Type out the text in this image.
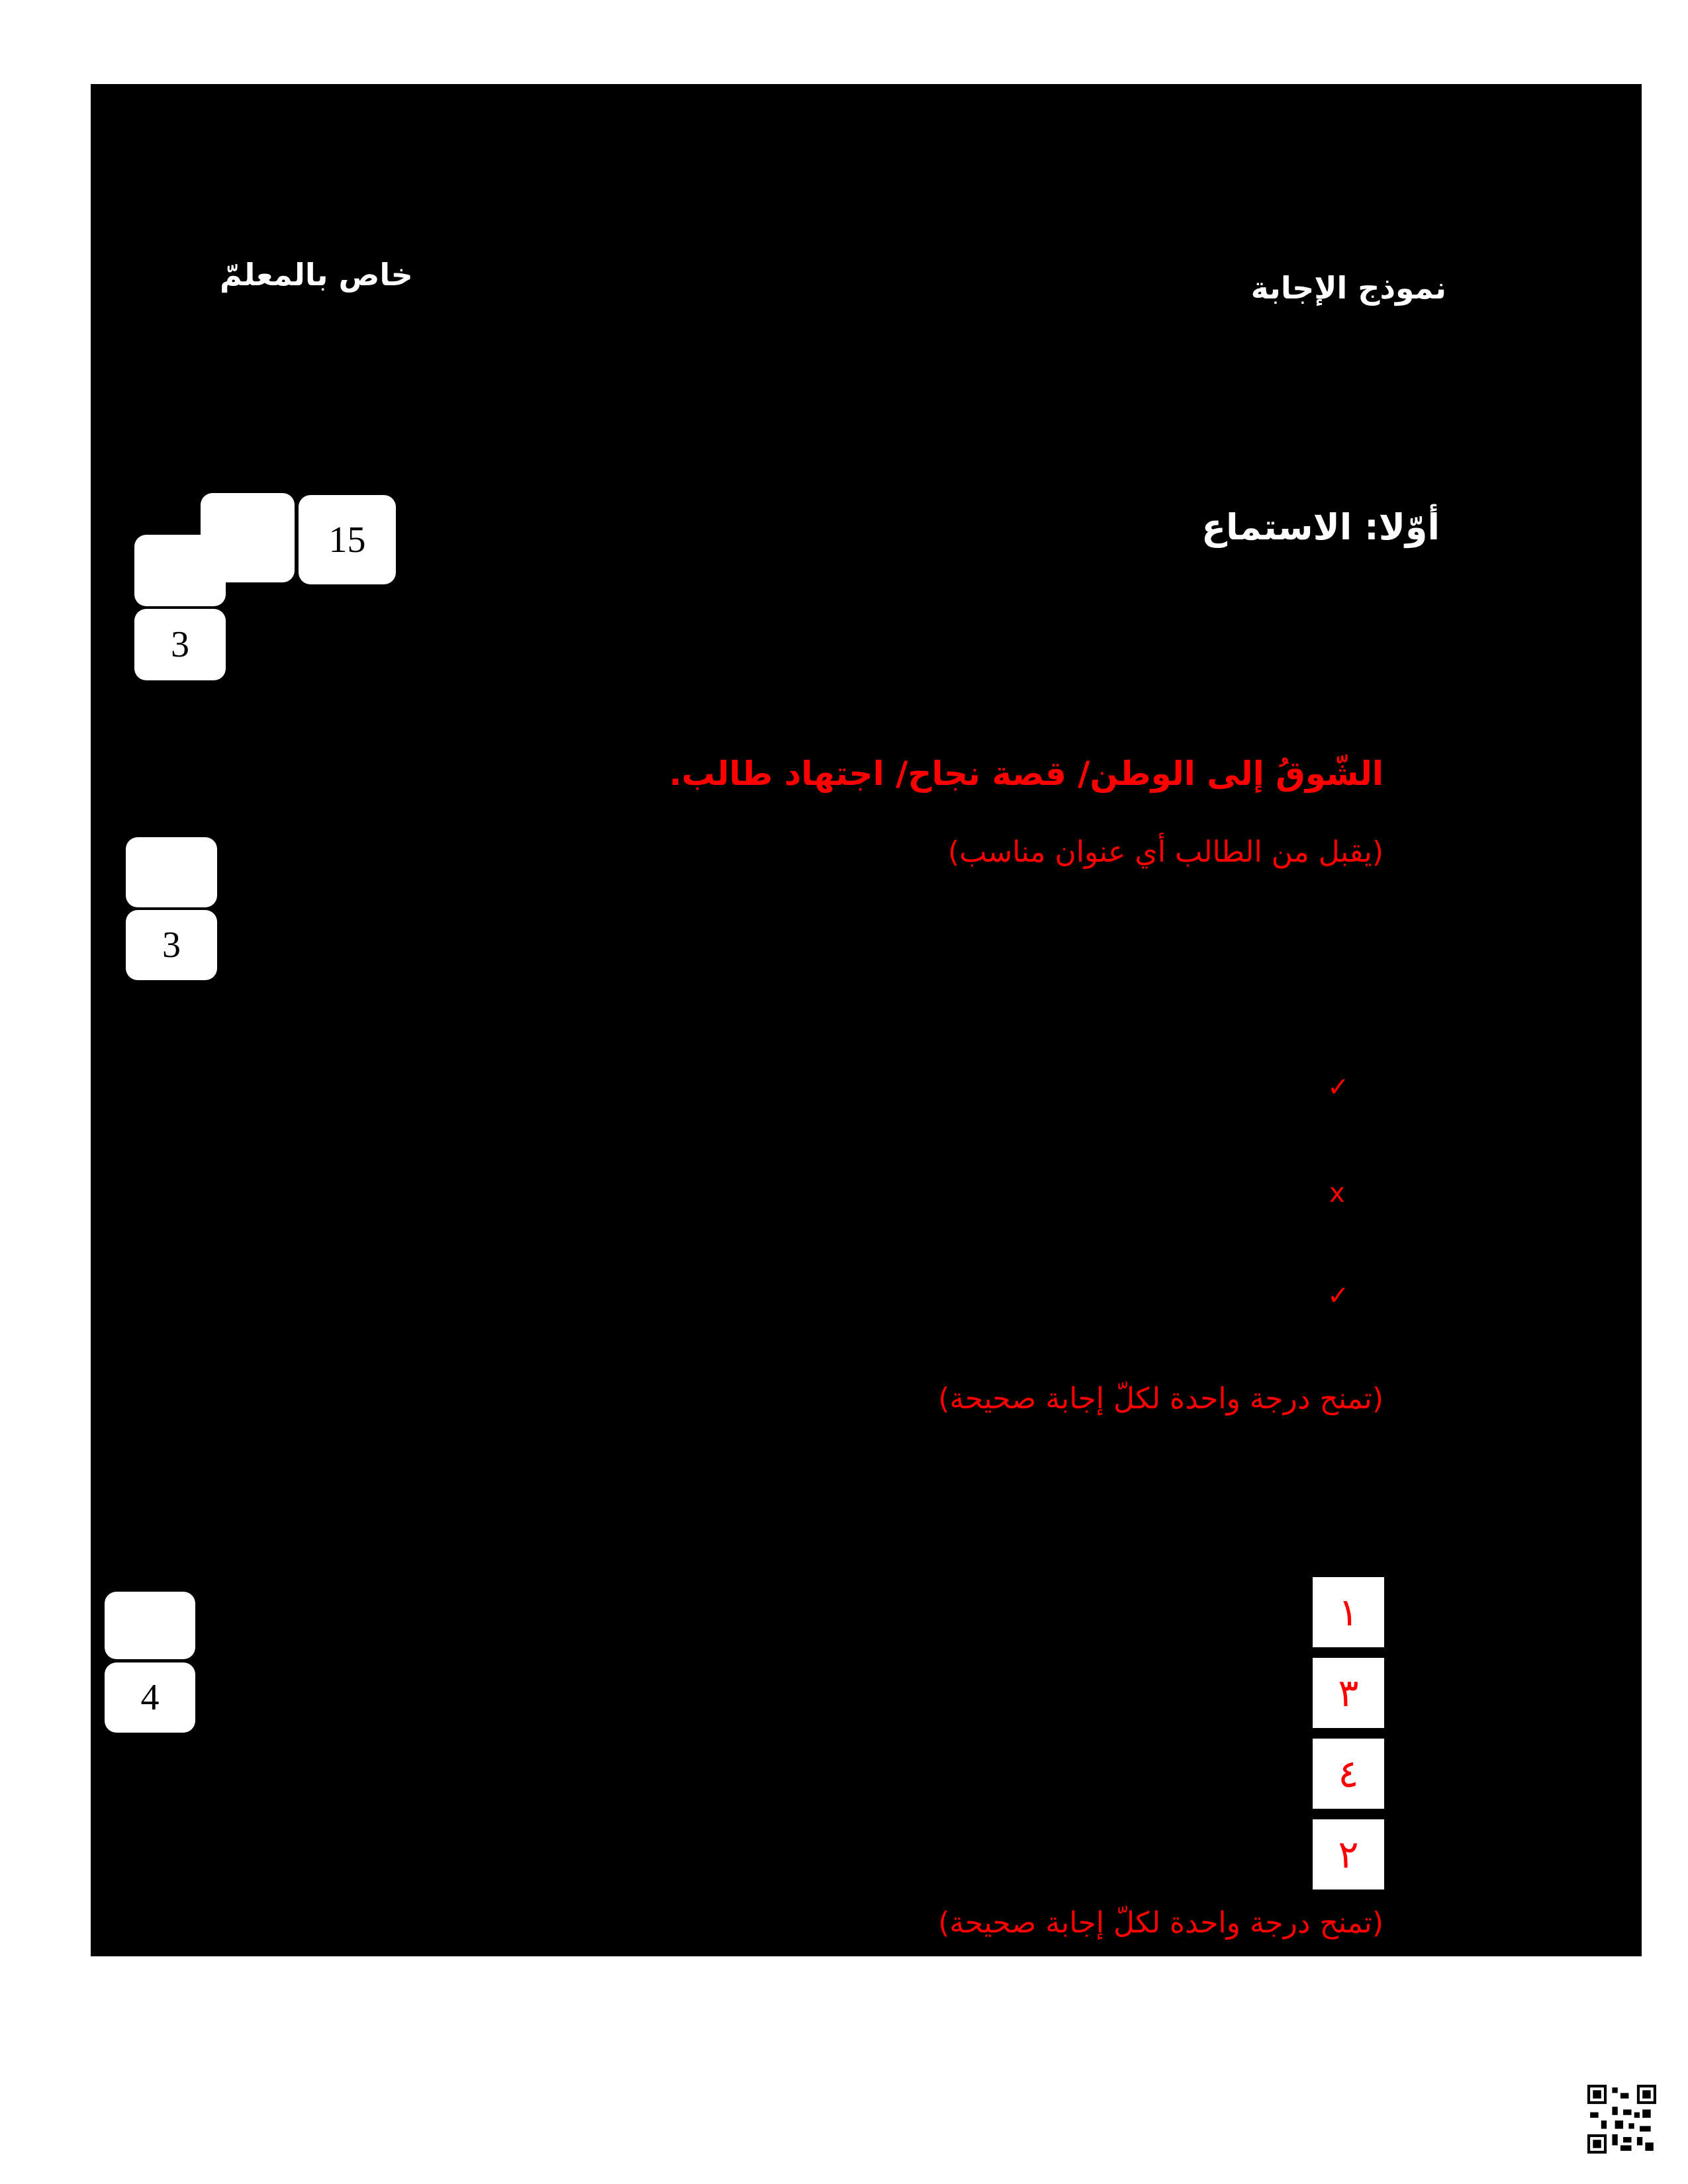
نموذج الإجابة
خاص بالمعلمّ
أوّلا: الاستماع
15
3
الشّوقُ إلى الوطن/ قصة نجاح/ اجتهاد طالب.
(يقبل من الطالب أي عنوان مناسب)
3
✓
x
✓
(تمنح درجة واحدة لكلّ إجابة صحيحة)
4
١
٣
٤
٢
(تمنح درجة واحدة لكلّ إجابة صحيحة)
